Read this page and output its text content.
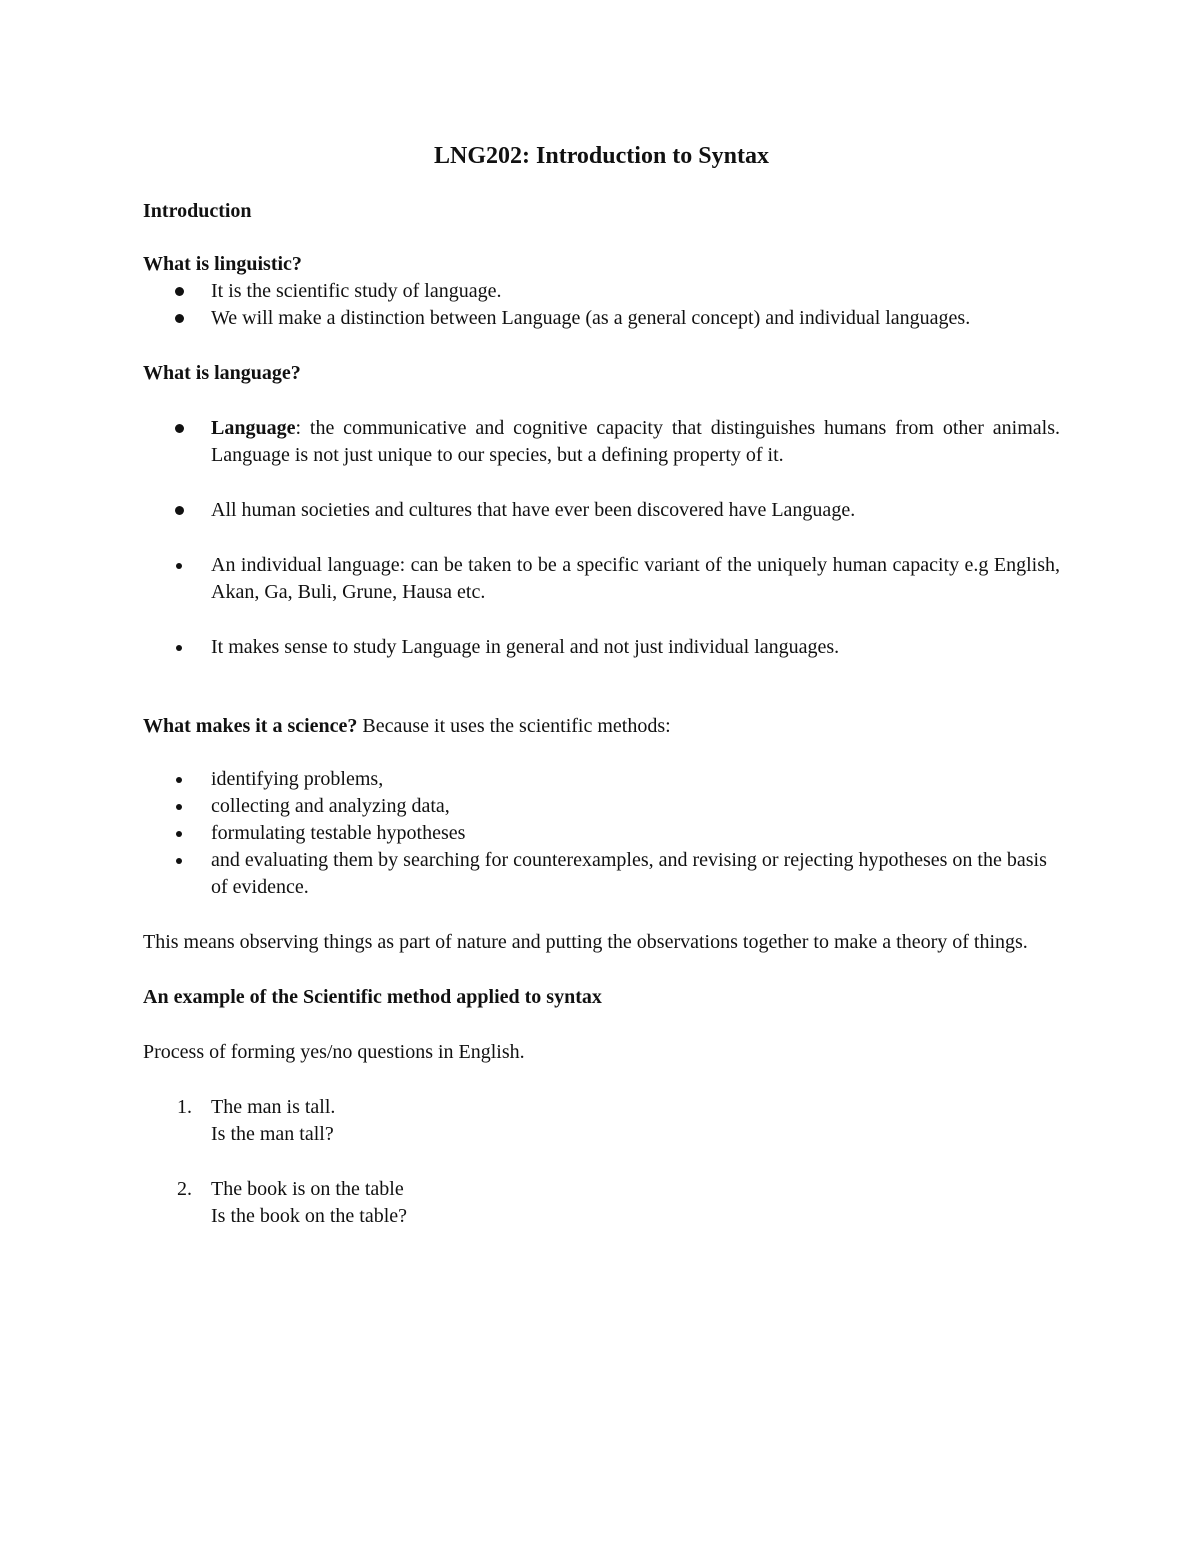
LNG202: Introduction to Syntax

Introduction

What is linguistic?

It is the scientific study of language.
We will make a distinction between Language (as a general concept) and individual languages.

What is language?

Language: the communicative and cognitive capacity that distinguishes humans from other animals. Language is not just unique to our species, but a defining property of it.
All human societies and cultures that have ever been discovered have Language.
An individual language: can be taken to be a specific variant of the uniquely human capacity e.g English, Akan, Ga, Buli, Grune, Hausa etc.
It makes sense to study Language in general and not just individual languages.

What makes it a science? Because it uses the scientific methods:

identifying problems,
collecting and analyzing data,
formulating testable hypotheses
and evaluating them by searching for counterexamples, and revising or rejecting hypotheses on the basis of evidence.

This means observing things as part of nature and putting the observations together to make a theory of things.

An example of the Scientific method applied to syntax

Process of forming yes/no questions in English.

1. The man is tall.
Is the man tall?
2. The book is on the table
Is the book on the table?
